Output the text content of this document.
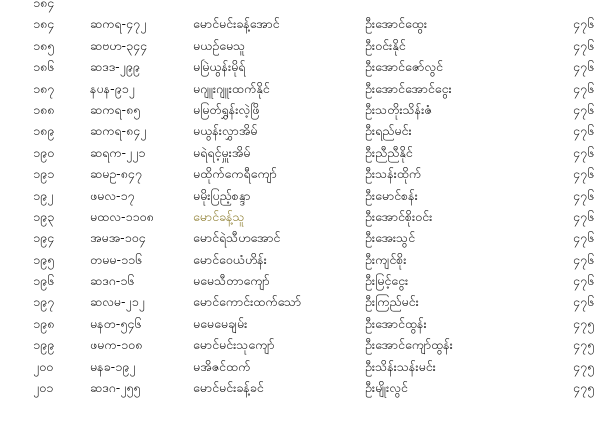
၁၈၄
၁၈၄	ဆကရ-၄၇၂	မောင်မင်းခန့်အောင်	ဦးအောင်ထွေး	၄၇၆
၁၈၅	ဆဗဟ-၃၄၄	မယဉ်မေသူ	ဦးဝင်းနိုင်	၄၇၆
၁၈၆	ဆဒဒ-၂၉၉	မမြဲယွန်းမိုရ်	ဦးအောင်ဇော်လွင်	၄၇၆
၁၈၇	နပန-၉၁၂	မဂျူးဂျူးထက်နိုင်	ဦးအောင်အောင်ငွေး	၄၇၆
၁၈၈	ဆကရ-၈၅	မမြတ်ရွှန်းလဲ့ဖြိ	ဦးသတိုးသိန်းဇံ	၄၇၆
၁၈၉	ဆကရ-၈၄၂	မယွန်းလွှာအိမ်	ဦးရည်မင်း	၄၇၆
၁၉၀	ဆရက-၂၂၁	မရဲရင့်မှူးအိမ်	ဦးညီညီနိုင်	၄၇၆
၁၉၁	ဆမဥ-၈၄၇	မထိုက်ကေရီကျော်	ဦးသန်းထိုက်	၄၇၆
၁၉၂	ဖမလ-၁၇	မမိုးပြည့်စန္ဒာ	ဦးမောင်စန်း	၄၇၆
၁၉၃	မထလ-၁၁၀၈	မောင်ခန့်သူ	ဦးအောင်စိုးဝင်း	၄၇၆
၁၉၄	အမအ-၁၀၄	မောင်ရဲသီဟအောင်	ဦးအေးသွင်	၄၇၆
၁၉၅	တမမ-၁၁၆	မောင်ဝေယံဟိန်း	ဦးကျင်စိုး	၄၇၆
၁၉၆	ဆဒဂ-၁၆	မမေသီတာကျော်	ဦးမြင့်ငွေး	၄၇၆
၁၉၇	ဆလမ-၂၁၂	မောင်ကောင်းထက်သော်	ဦးကြည်မင်း	၄၇၆
၁၉၈	မနတ-၅၄၆	မမေမေချမ်း	ဦးအောင်ထွန်း	၄၇၅
၁၉၉	ဖမက-၁၀၈	မောင်မင်းသုကျော်	ဦးအောင်ကျော်ထွန်း	၄၇၅
၂၀၀	မနခ-၁၉၂	မအိဇင်ထက်	ဦးသိန်းသန်းမင်း	၄၇၅
၂၀၁	ဆဒဂ-၂၅၅	မောင်မင်းခန့်ခင်	ဦးမျိုးလွင်	၄၇၅
